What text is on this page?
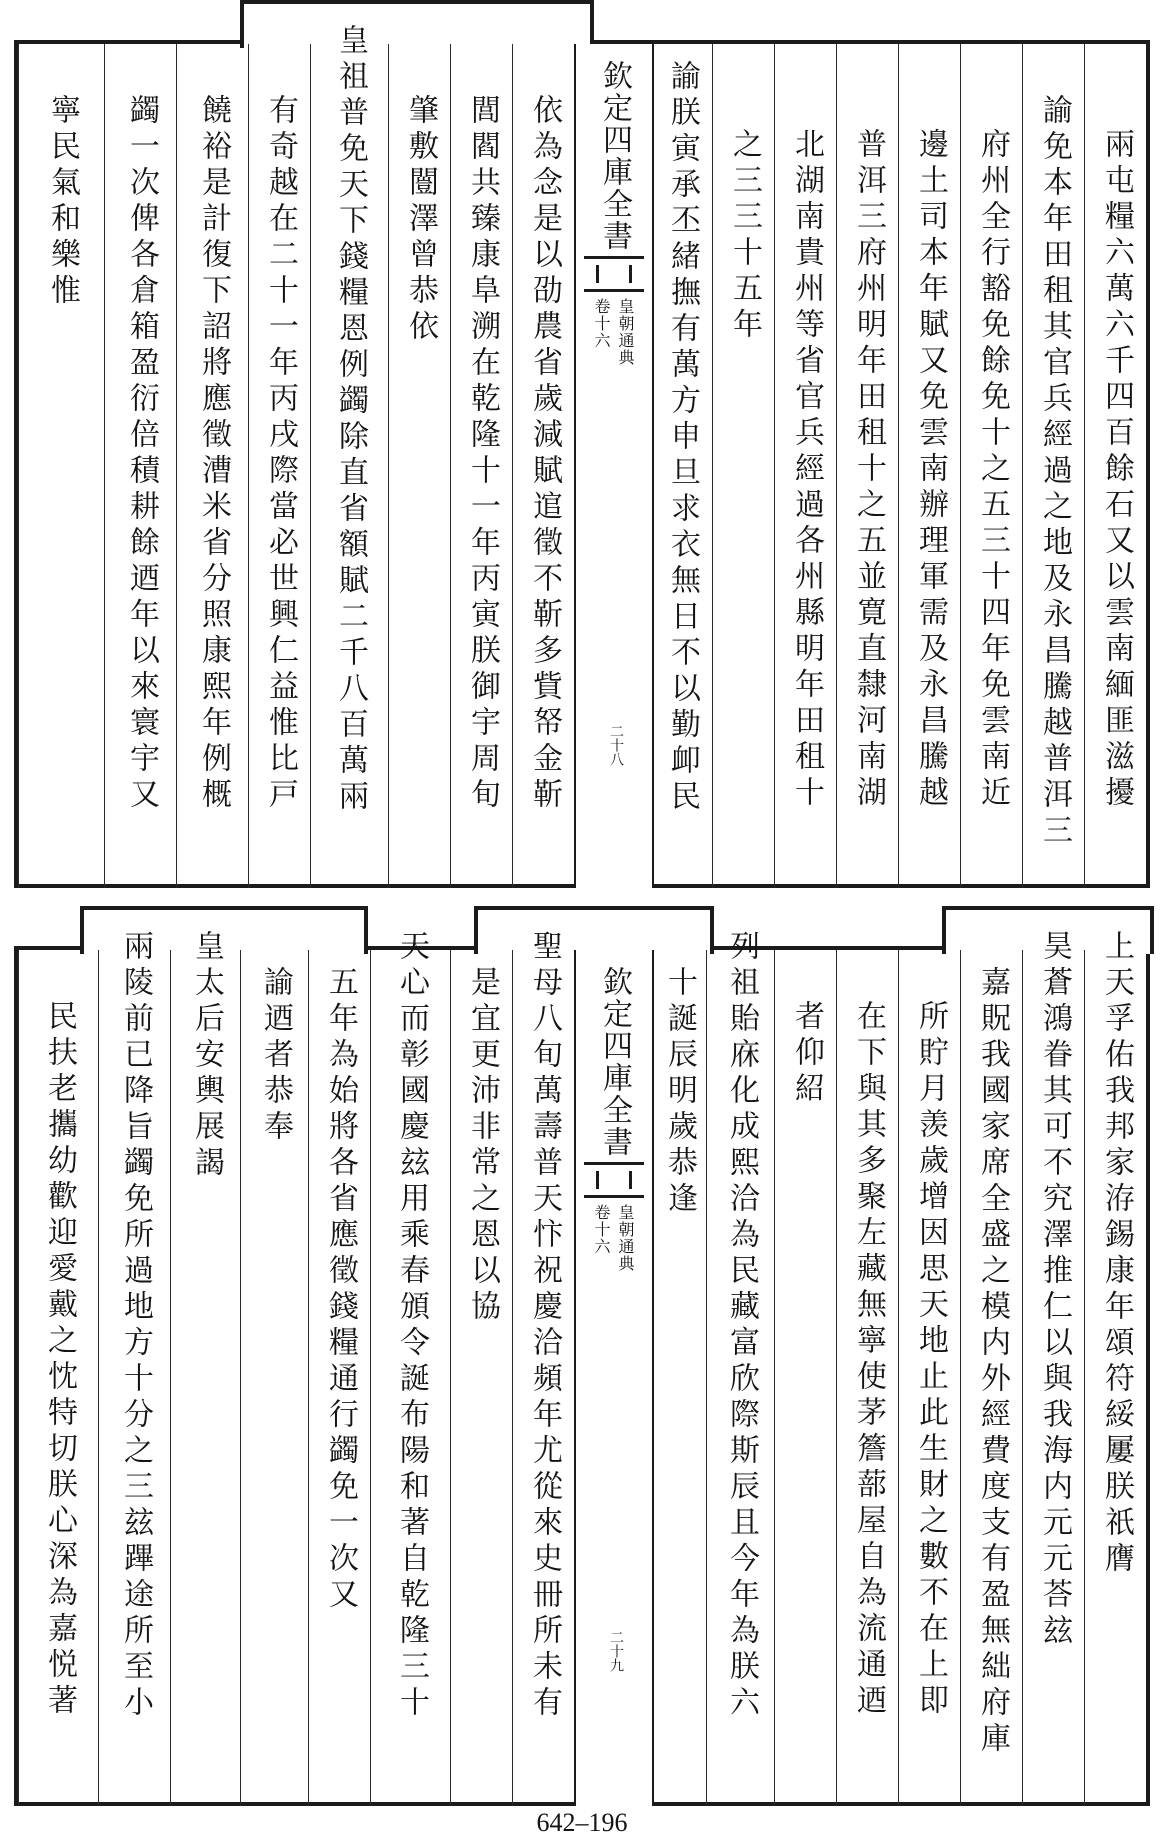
兩屯糧六萬六千四百餘石又以雲南緬匪滋擾
諭免本年田租其官兵經過之地及永昌騰越普洱三
府州全行豁免餘免十之五三十四年免雲南近
邊土司本年賦又免雲南辦理軍需及永昌騰越
普洱三府州明年田租十之五並寛直隸河南湖
北湖南貴州等省官兵經過各州縣明年田租十
之三三十五年
諭朕寅承丕緒撫有萬方申旦求衣無日不以勤卹民
欽定四庫全書
皇朝通典
卷十六
二十八
依為念是以劭農省歲減賦逭徵不靳多貲帑金靳
閭閻共臻康阜溯在乾隆十一年丙寅朕御宇周旬
肇敷闓澤曾恭依
皇祖普免天下錢糧恩例蠲除直省額賦二千八百萬兩
有奇越在二十一年丙戌際當必世興仁益惟比戸
饒裕是計復下詔將應徵漕米省分照康熙年例概
蠲一次俾各倉箱盈衍倍積耕餘迺年以來寰宇又
寧民氣和樂惟
上天孚佑我邦家洊錫康年頌符綏屢朕祇膺
昊蒼鴻眷其可不究澤推仁以與我海内元元荅玆
嘉貺我國家席全盛之模内外經費度支有盈無絀府庫
所貯月羡歲增因思天地止此生財之數不在上即
在下與其多聚左藏無寧使茅簷蔀屋自為流通迺
者仰紹
列祖貽庥化成熙洽為民藏富欣際斯辰且今年為朕六
十誕辰明歲恭逢
欽定四庫全書
皇朝通典
卷十六
二十九
聖母八旬萬壽普天忭祝慶洽頻年尤從來史冊所未有
是宜更沛非常之恩以協
天心而彰國慶玆用乘春頒令誕布陽和著自乾隆三十
五年為始將各省應徵錢糧通行蠲免一次又
諭迺者恭奉
皇太后安輿展謁
兩陵前已降旨蠲免所過地方十分之三玆蹕途所至小
民扶老攜幼歡迎愛戴之忱特切朕心深為嘉悦著
642–196
